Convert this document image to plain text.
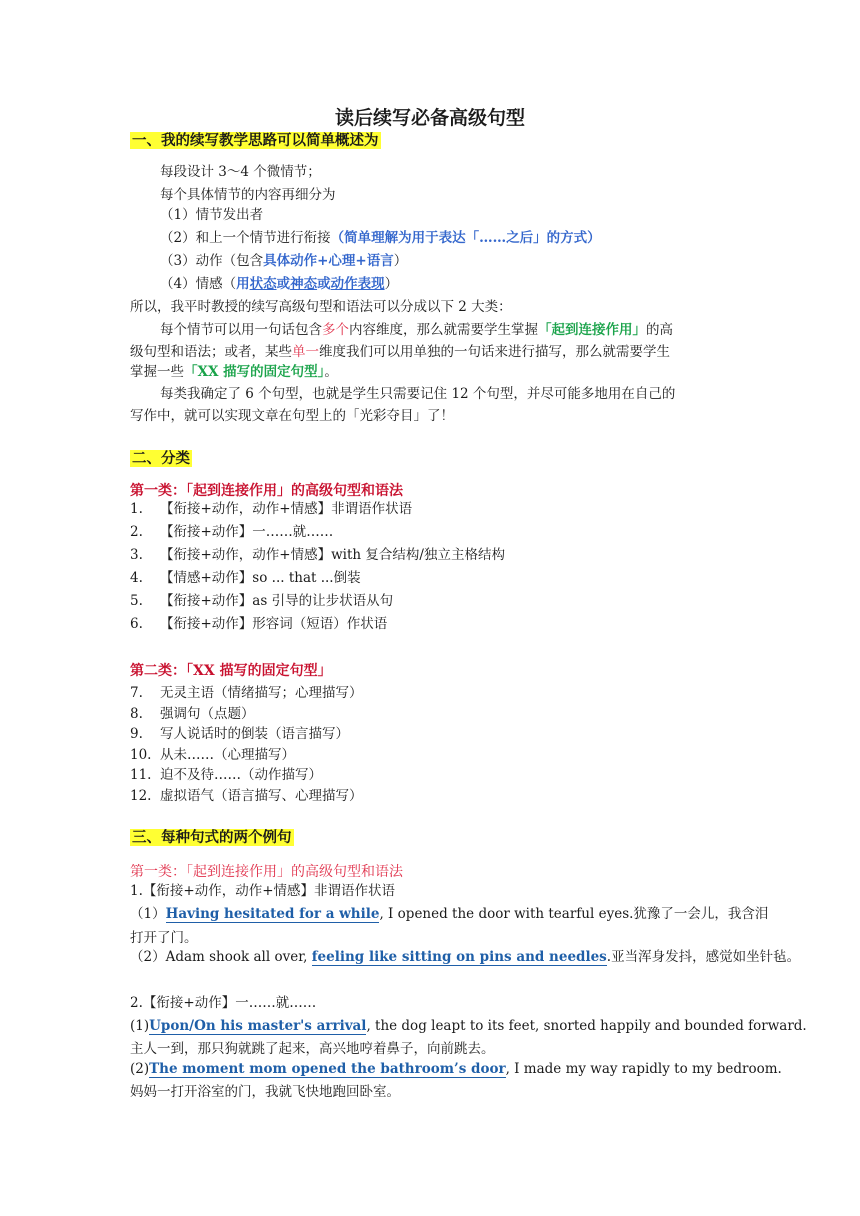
读后续写必备高级句型
一、我的续写教学思路可以简单概述为
每段设计 3～4 个微情节；
每个具体情节的内容再细分为
（1）情节发出者
（2）和上一个情节进行衔接（简单理解为用于表达「……之后」的方式）
（3）动作（包含具体动作+心理+语言）
（4）情感（用状态或神态或动作表现）
所以，我平时教授的续写高级句型和语法可以分成以下 2 大类：
每个情节可以用一句话包含多个内容维度，那么就需要学生掌握「起到连接作用」的高
级句型和语法；或者，某些单一维度我们可以用单独的一句话来进行描写，那么就需要学生
掌握一些「XX 描写的固定句型」。
每类我确定了 6 个句型，也就是学生只需要记住 12 个句型，并尽可能多地用在自己的
写作中，就可以实现文章在句型上的「光彩夺目」了！
二、分类
第一类：「起到连接作用」的高级句型和语法
1. 【衔接+动作，动作+情感】非谓语作状语
2. 【衔接+动作】一……就……
3. 【衔接+动作，动作+情感】with 复合结构/独立主格结构
4. 【情感+动作】so ... that ...倒装
5. 【衔接+动作】as 引导的让步状语从句
6. 【衔接+动作】形容词（短语）作状语
第二类：「XX 描写的固定句型」
7. 无灵主语（情绪描写；心理描写）
8. 强调句（点题）
9. 写人说话时的倒装（语言描写）
10. 从未……（心理描写）
11. 迫不及待……（动作描写）
12. 虚拟语气（语言描写、心理描写）
三、每种句式的两个例句
第一类：「起到连接作用」的高级句型和语法
1.【衔接+动作，动作+情感】非谓语作状语
（1）Having hesitated for a while, I opened the door with tearful eyes.犹豫了一会儿，我含泪
打开了门。
（2）Adam shook all over, feeling like sitting on pins and needles.亚当浑身发抖，感觉如坐针毡。
2.【衔接+动作】一……就……
(1)Upon/On his master's arrival, the dog leapt to its feet, snorted happily and bounded forward.
主人一到，那只狗就跳了起来，高兴地哼着鼻子，向前跳去。
(2)The moment mom opened the bathroom’s door, I made my way rapidly to my bedroom.
妈妈一打开浴室的门，我就飞快地跑回卧室。
